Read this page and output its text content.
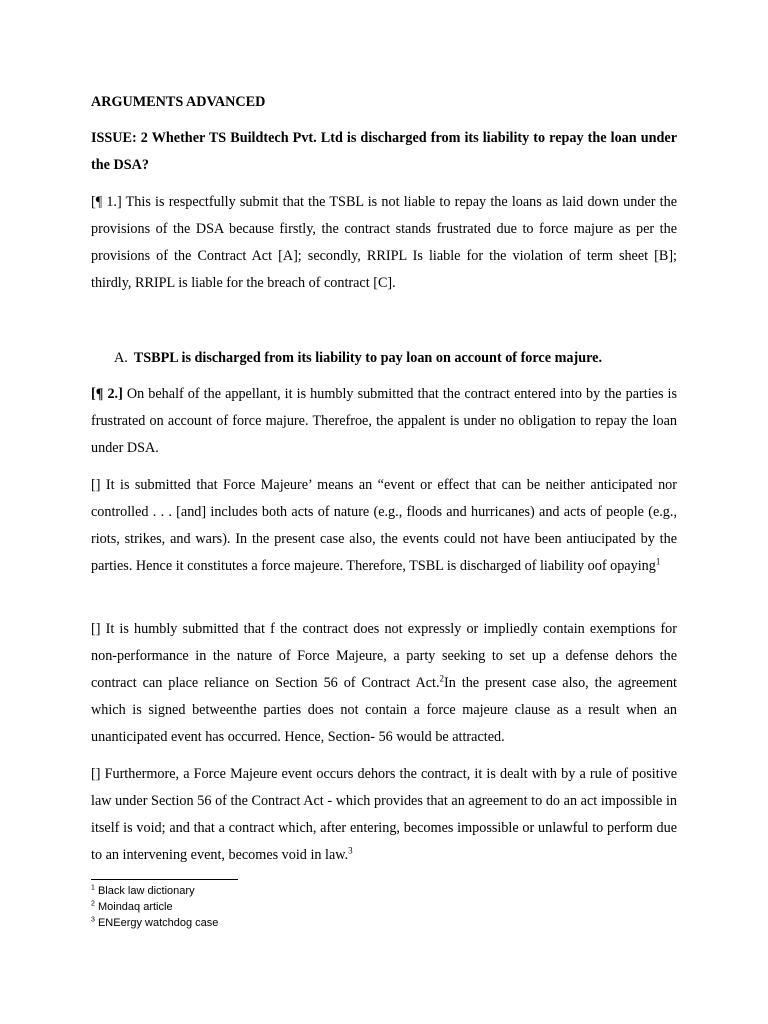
ARGUMENTS ADVANCED
ISSUE: 2 Whether TS Buildtech Pvt. Ltd is discharged from its liability to repay the loan under the DSA?
[¶ 1.] This is respectfully submit that the TSBL is not liable to repay the loans as laid down under the provisions of the DSA because firstly, the contract stands frustrated due to force majure as per the provisions of the Contract Act [A]; secondly, RRIPL Is liable for the violation of term sheet [B]; thirdly, RRIPL is liable for the breach of contract [C].
A. TSBPL is discharged from its liability to pay loan on account of force majure.
[¶ 2.] On behalf of the appellant, it is humbly submitted that the contract entered into by the parties is frustrated on account of force majure. Therefroe, the appalent is under no obligation to repay the loan under DSA.
[] It is submitted that Force Majeure’ means an “event or effect that can be neither anticipated nor controlled . . . [and] includes both acts of nature (e.g., floods and hurricanes) and acts of people (e.g., riots, strikes, and wars). In the present case also, the events could not have been antiucipated by the parties. Hence it constitutes a force majeure. Therefore, TSBL is discharged of liability oof opaying$^1$
[] It is humbly submitted that f the contract does not expressly or impliedly contain exemptions for non-performance in the nature of Force Majeure, a party seeking to set up a defense dehors the contract can place reliance on Section 56 of Contract Act.$^2$In the present case also, the agreement which is signed betweenthe parties does not contain a force majeure clause as a result when an unanticipated event has occurred. Hence, Section- 56 would be attracted.
[] Furthermore, a Force Majeure event occurs dehors the contract, it is dealt with by a rule of positive law under Section 56 of the Contract Act - which provides that an agreement to do an act impossible in itself is void; and that a contract which, after entering, becomes impossible or unlawful to perform due to an intervening event, becomes void in law.$^3$
$^1$ Black law dictionary
$^2$ Moindaq article
$^3$ ENEergy watchdog case
